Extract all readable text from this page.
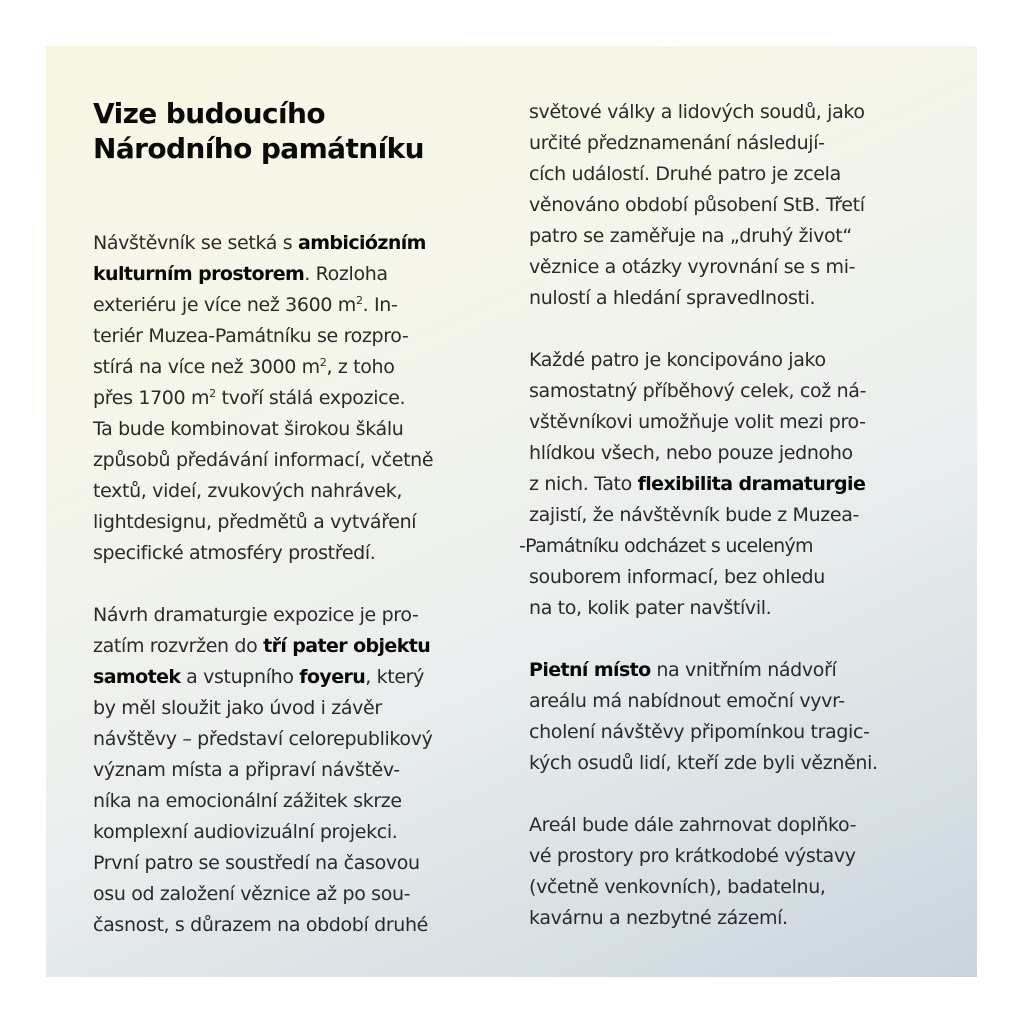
Vize budoucího
Národního památníku
Návštěvník se setká s ambiciózním
kulturním prostorem. Rozloha
exteriéru je více než 3600 $m^2$. In-
teriér Muzea-Památníku se rozpro-
stírá na více než 3000 $m^2$, z toho
přes 1700 $m^2$ tvoří stálá expozice.
Ta bude kombinovat širokou škálu
způsobů předávání informací, včetně
textů, videí, zvukových nahrávek,
lightdesignu, předmětů a vytváření
specifické atmosféry prostředí.
Návrh dramaturgie expozice je pro-
zatím rozvržen do tří pater objektu
samotek a vstupního foyeru, který
by měl sloužit jako úvod i závěr
návštěvy – představí celorepublikový
význam místa a připraví návštěv-
níka na emocionální zážitek skrze
komplexní audiovizuální projekci.
První patro se soustředí na časovou
osu od založení věznice až po sou-
časnost, s důrazem na období druhé
světové války a lidových soudů, jako
určité předznamenání následují-
cích událostí. Druhé patro je zcela
věnováno období působení StB. Třetí
patro se zaměřuje na „druhý život“
věznice a otázky vyrovnání se s mi-
nulostí a hledání spravedlnosti.
Každé patro je koncipováno jako
samostatný příběhový celek, což ná-
vštěvníkovi umožňuje volit mezi pro-
hlídkou všech, nebo pouze jednoho
z nich. Tato flexibilita dramaturgie
zajistí, že návštěvník bude z Muzea-
-Památníku odcházet s uceleným
souborem informací, bez ohledu
na to, kolik pater navštívil.
Pietní místo na vnitřním nádvoří
areálu má nabídnout emoční vyvr-
cholení návštěvy připomínkou tragic-
kých osudů lidí, kteří zde byli vězněni.
Areál bude dále zahrnovat doplňko-
vé prostory pro krátkodobé výstavy
(včetně venkovních), badatelnu,
kavárnu a nezbytné zázemí.
